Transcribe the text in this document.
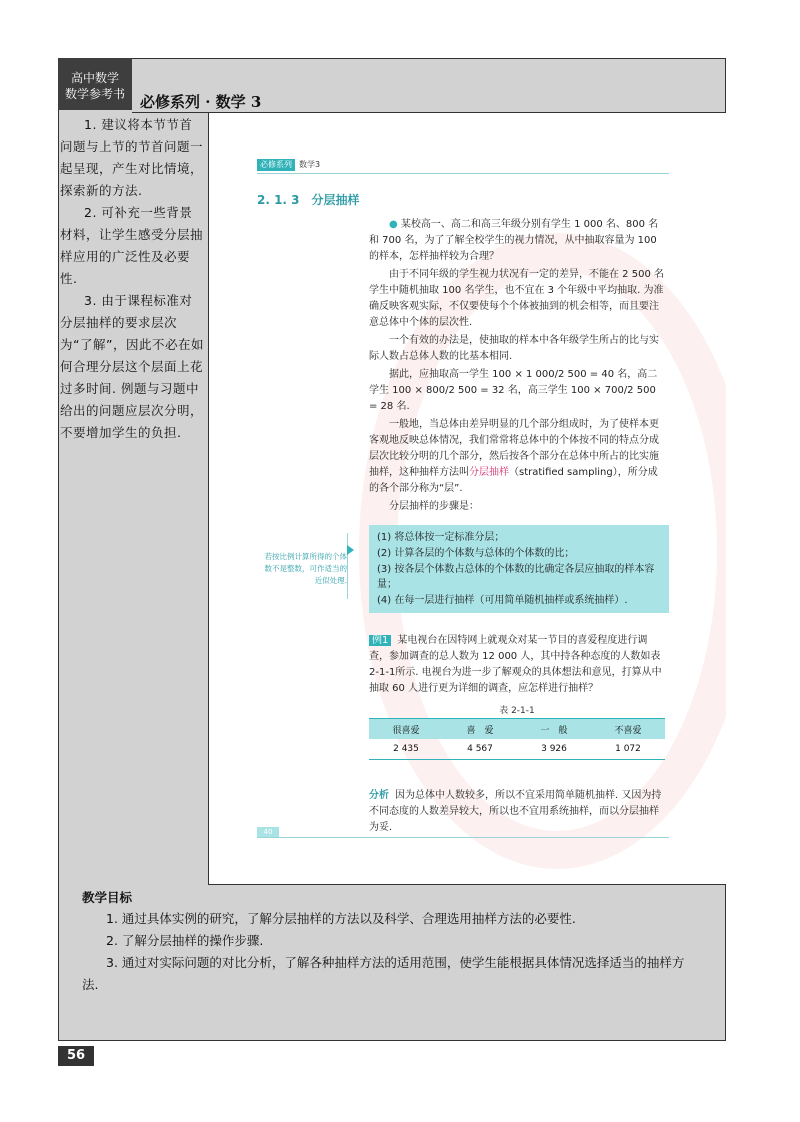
高中数学
数学参考书	必修系列 · 数学 3

1. 建议将本节节首问题与上节的节首问题一起呈现，产生对比情境，探索新的方法.

2. 可补充一些背景材料，让学生感受分层抽样应用的广泛性及必要性.

3. 由于课程标准对分层抽样的要求层次为“了解”，因此不必在如何合理分层这个层面上花过多时间. 例题与习题中给出的问题应层次分明，不要增加学生的负担.

必修系列 数学3
2. 1. 3　分层抽样

● 某校高一、高二和高三年级分别有学生 1 000 名、800 名和 700 名，为了了解全校学生的视力情况，从中抽取容量为 100 的样本，怎样抽样较为合理？

由于不同年级的学生视力状况有一定的差异，不能在 2 500 名学生中随机抽取 100 名学生，也不宜在 3 个年级中平均抽取. 为准确反映客观实际，不仅要使每个个体被抽到的机会相等，而且要注意总体中个体的层次性.

一个有效的办法是，使抽取的样本中各年级学生所占的比与实际人数占总体人数的比基本相同.

据此，应抽取高一学生 100 × 1 000/2 500 = 40 名，高二学生 100 × 800/2 500 = 32 名，高三学生 100 × 700/2 500 = 28 名.

一般地，当总体由差异明显的几个部分组成时，为了使样本更客观地反映总体情况，我们常常将总体中的个体按不同的特点分成层次比较分明的几个部分，然后按各个部分在总体中所占的比实施抽样，这种抽样方法叫分层抽样（stratified sampling），所分成的各个部分称为“层”.

分层抽样的步骤是：

若按比例计算所得的个体数不是整数，可作适当的近似处理.
(1) 将总体按一定标准分层；
(2) 计算各层的个体数与总体的个体数的比；
(3) 按各层个体数占总体的个体数的比确定各层应抽取的样本容量；
(4) 在每一层进行抽样（可用简单随机抽样或系统抽样）.
例1 某电视台在因特网上就观众对某一节目的喜爱程度进行调查，参加调查的总人数为 12 000 人，其中持各种态度的人数如表 2-1-1所示. 电视台为进一步了解观众的具体想法和意见，打算从中抽取 60 人进行更为详细的调查，应怎样进行抽样？
表 2-1-1
很喜爱	喜　爱	一　般	不喜爱
2 435	4 567	3 926	1 072
分析 因为总体中人数较多，所以不宜采用简单随机抽样. 又因为持不同态度的人数差异较大，所以也不宜用系统抽样，而以分层抽样为妥.
40
教学目标

1. 通过具体实例的研究，了解分层抽样的方法以及科学、合理选用抽样方法的必要性.

2. 了解分层抽样的操作步骤.

3. 通过对实际问题的对比分析，了解各种抽样方法的适用范围，使学生能根据具体情况选择适当的抽样方法.

56
